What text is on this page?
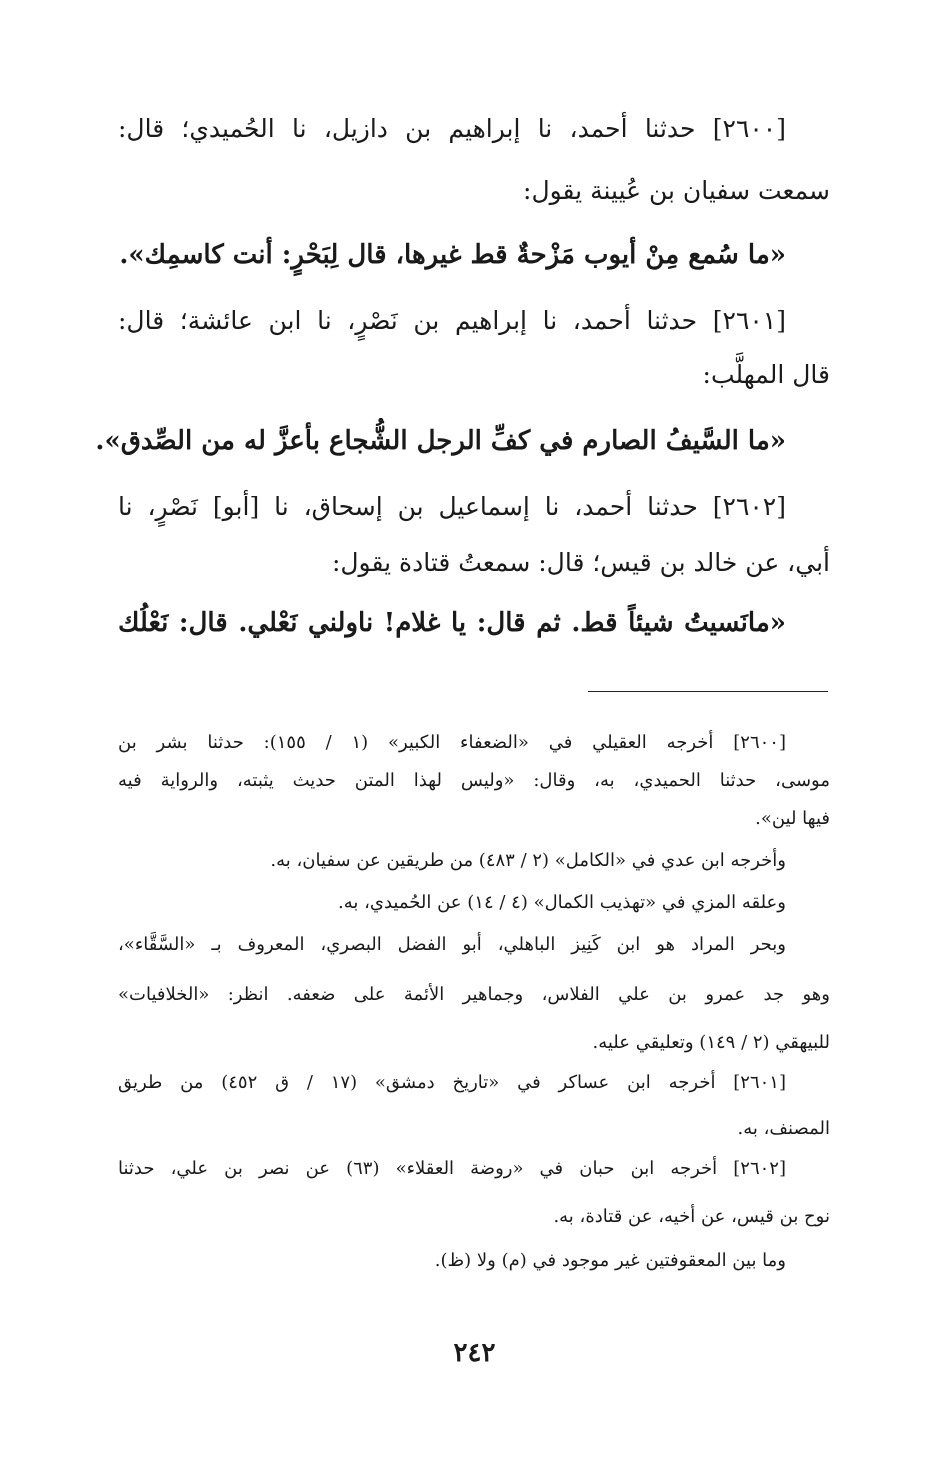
[٢٦٠٠] حدثنا أحمد، نا إبراهيم بن دازيل، نا الحُميدي؛ قال:
سمعت سفيان بن عُيينة يقول:
«ما سُمع مِنْ أيوب مَزْحةٌ قط غيرها، قال لِبَحْرٍ: أنت كاسمِك».
[٢٦٠١] حدثنا أحمد، نا إبراهيم بن نَصْرٍ، نا ابن عائشة؛ قال:
قال المهلَّب:
«ما السَّيفُ الصارم في كفِّ الرجل الشُّجاع بأعزَّ له من الصِّدق».
[٢٦٠٢] حدثنا أحمد، نا إسماعيل بن إسحاق، نا [أبو] نَصْرٍ، نا
أبي، عن خالد بن قيس؛ قال: سمعتُ قتادة يقول:
«مانَسيتُ شيئاً قط. ثم قال: يا غلام! ناولني نَعْلي. قال: نَعْلُك
[٢٦٠٠] أخرجه العقيلي في «الضعفاء الكبير» (١ / ١٥٥): حدثنا بشر بن
موسى، حدثنا الحميدي، به، وقال: «وليس لهذا المتن حديث يثبته، والرواية فيه
فيها لين».
وأخرجه ابن عدي في «الكامل» (٢ / ٤٨٣) من طريقين عن سفيان، به.
وعلقه المزي في «تهذيب الكمال» (٤ / ١٤) عن الحُميدي، به.
وبحر المراد هو ابن كَنِيز الباهلي، أبو الفضل البصري، المعروف بـ «السَّقَّاء»،
وهو جد عمرو بن علي الفلاس، وجماهير الأئمة على ضعفه. انظر: «الخلافيات»
للبيهقي (٢ / ١٤٩) وتعليقي عليه.
[٢٦٠١] أخرجه ابن عساكر في «تاريخ دمشق» (١٧ / ق ٤٥٢) من طريق
المصنف، به.
[٢٦٠٢] أخرجه ابن حبان في «روضة العقلاء» (٦٣) عن نصر بن علي، حدثنا
نوح بن قيس، عن أخيه، عن قتادة، به.
وما بين المعقوفتين غير موجود في (م) ولا (ظ).
٢٤٢
